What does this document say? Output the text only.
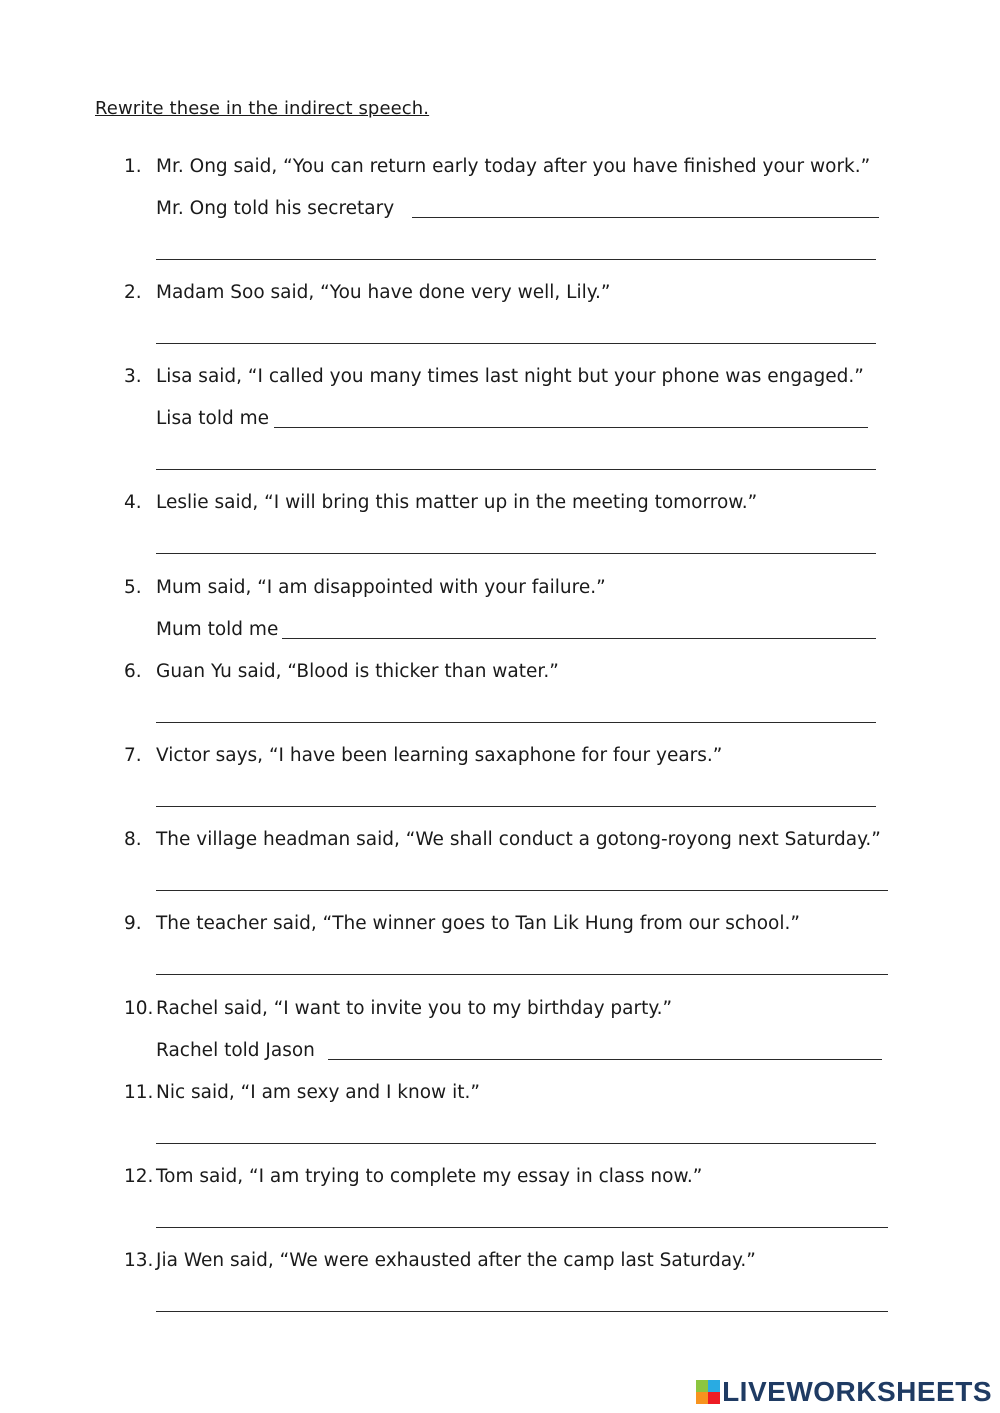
Rewrite these in the indirect speech.
1. Mr. Ong said, “You can return early today after you have finished your work.”
Mr. Ong told his secretary
2. Madam Soo said, “You have done very well, Lily.”
3. Lisa said, “I called you many times last night but your phone was engaged.”
Lisa told me
4. Leslie said, “I will bring this matter up in the meeting tomorrow.”
5. Mum said, “I am disappointed with your failure.”
Mum told me
6. Guan Yu said, “Blood is thicker than water.”
7. Victor says, “I have been learning saxaphone for four years.”
8. The village headman said, “We shall conduct a gotong-royong next Saturday.”
9. The teacher said, “The winner goes to Tan Lik Hung from our school.”
10. Rachel said, “I want to invite you to my birthday party.”
Rachel told Jason
11. Nic said, “I am sexy and I know it.”
12. Tom said, “I am trying to complete my essay in class now.”
13. Jia Wen said, “We were exhausted after the camp last Saturday.”
LIVEWORKSHEETS
